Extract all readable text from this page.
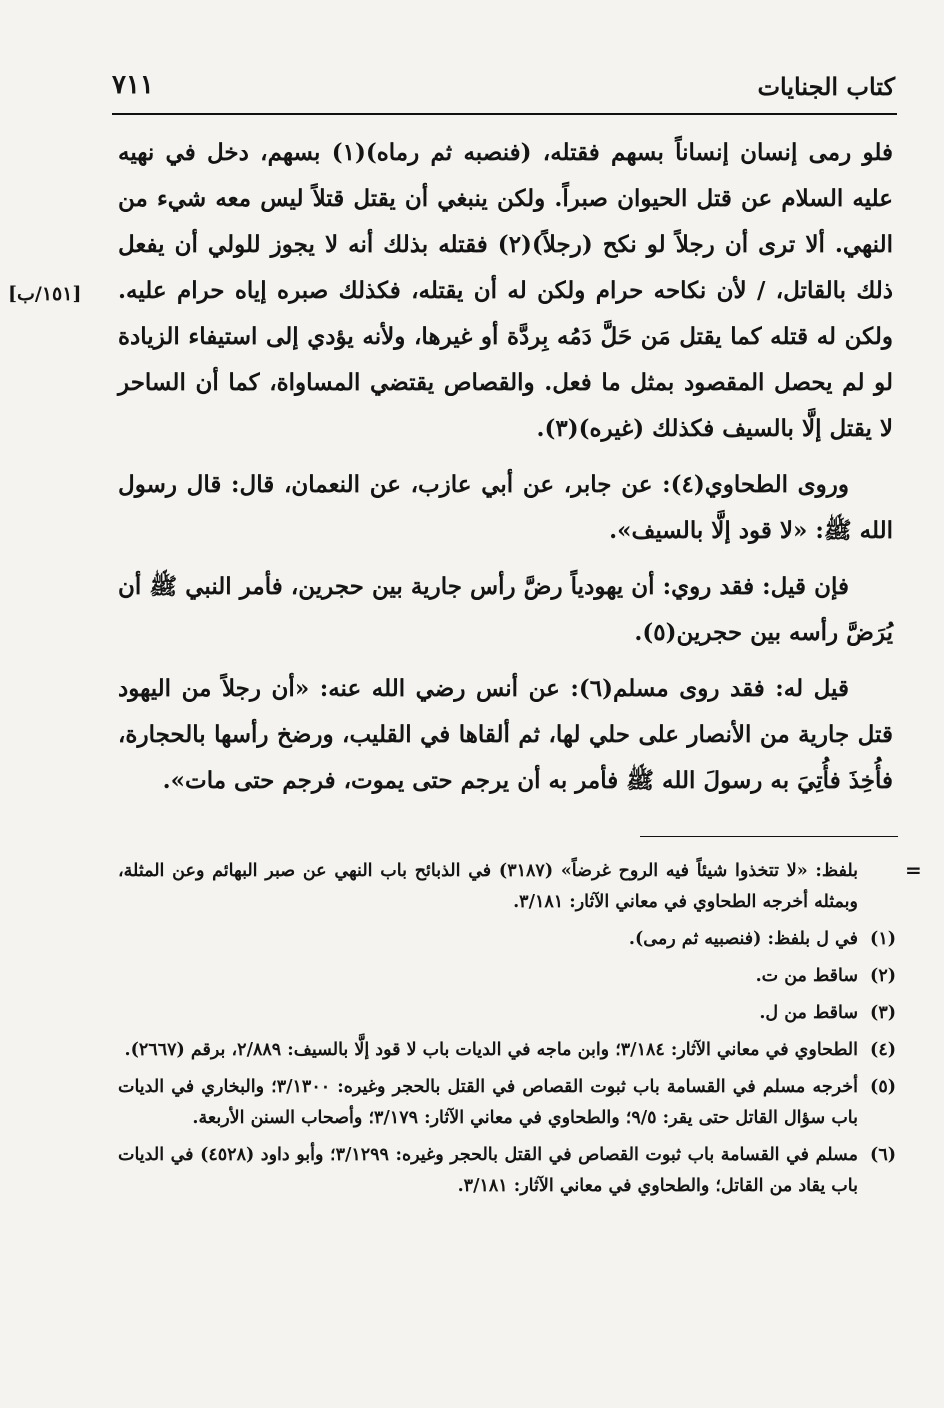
كتاب الجنايات
٧١١
[١٥١/ب]

فلو رمى إنسان إنساناً بسهم فقتله، (فنصبه ثم رماه)(١) بسهم، دخل في نهيه عليه السلام عن قتل الحيوان صبراً. ولكن ينبغي أن يقتل قتلاً ليس معه شيء من النهي. ألا ترى أن رجلاً لو نكح (رجلاً)(٢) فقتله بذلك أنه لا يجوز للولي أن يفعل ذلك بالقاتل، / لأن نكاحه حرام ولكن له أن يقتله، فكذلك صبره إياه حرام عليه. ولكن له قتله كما يقتل مَن حَلَّ دَمُه بِردَّة أو غيرها، ولأنه يؤدي إلى استيفاء الزيادة لو لم يحصل المقصود بمثل ما فعل. والقصاص يقتضي المساواة، كما أن الساحر لا يقتل إلَّا بالسيف فكذلك (غيره)(٣).

وروى الطحاوي(٤): عن جابر، عن أبي عازب، عن النعمان، قال: قال رسول الله ﷺ: «لا قود إلَّا بالسيف».

فإن قيل: فقد روي: أن يهودياً رضَّ رأس جارية بين حجرين، فأمر النبي ﷺ أن يُرَضَّ رأسه بين حجرين(٥).

قيل له: فقد روى مسلم(٦): عن أنس رضي الله عنه: «أن رجلاً من اليهود قتل جارية من الأنصار على حلي لها، ثم ألقاها في القليب، ورضخ رأسها بالحجارة، فأُخِذَ فأُتِيَ به رسولَ الله ﷺ فأمر به أن يرجم حتى يموت، فرجم حتى مات».

=
بلفظ: «لا تتخذوا شيئاً فيه الروح غرضاً» (٣١٨٧) في الذبائح باب النهي عن صبر البهائم وعن المثلة، وبمثله أخرجه الطحاوي في معاني الآثار: ٣/١٨١.
(١)
في ل بلفظ: (فنصبيه ثم رمى).
(٢)
ساقط من ت.
(٣)
ساقط من ل.
(٤)
الطحاوي في معاني الآثار: ٣/١٨٤؛ وابن ماجه في الديات باب لا قود إلَّا بالسيف: ٢/٨٨٩، برقم (٢٦٦٧).
(٥)
أخرجه مسلم في القسامة باب ثبوت القصاص في القتل بالحجر وغيره: ٣/١٣٠٠؛ والبخاري في الديات باب سؤال القاتل حتى يقر: ٩/٥؛ والطحاوي في معاني الآثار: ٣/١٧٩؛ وأصحاب السنن الأربعة.
(٦)
مسلم في القسامة باب ثبوت القصاص في القتل بالحجر وغيره: ٣/١٢٩٩؛ وأبو داود (٤٥٢٨) في الديات باب يقاد من القاتل؛ والطحاوي في معاني الآثار: ٣/١٨١.
